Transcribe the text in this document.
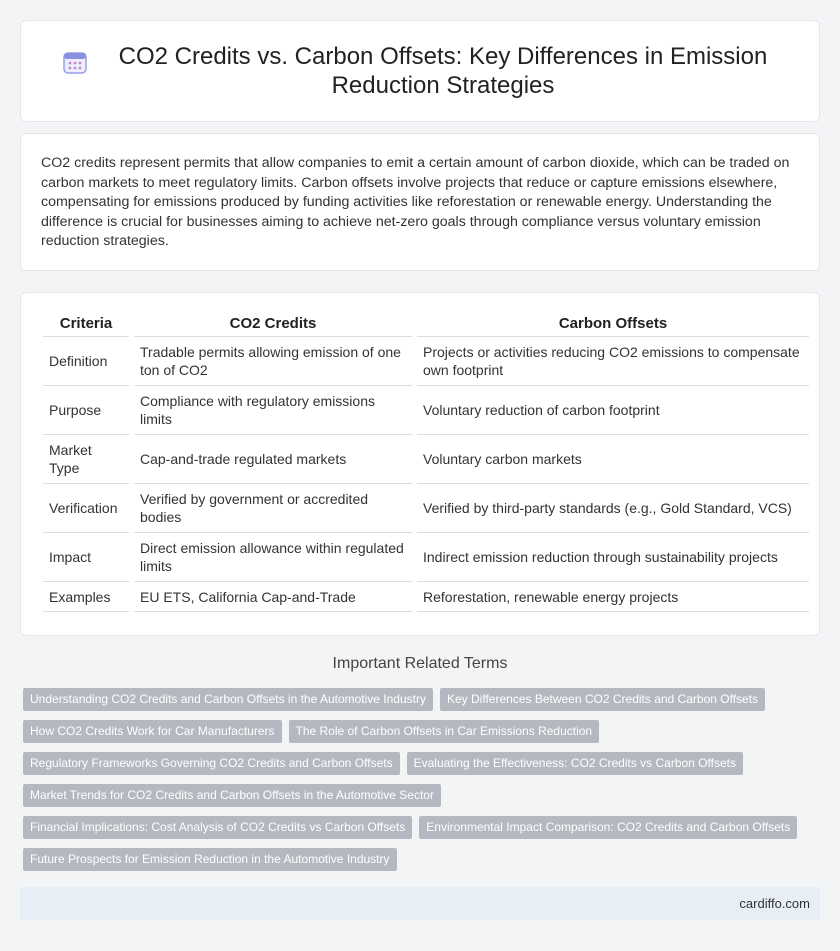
CO2 Credits vs. Carbon Offsets: Key Differences in Emission Reduction Strategies

CO2 credits represent permits that allow companies to emit a certain amount of carbon dioxide, which can be traded on carbon markets to meet regulatory limits. Carbon offsets involve projects that reduce or capture emissions elsewhere, compensating for emissions produced by funding activities like reforestation or renewable energy. Understanding the difference is crucial for businesses aiming to achieve net-zero goals through compliance versus voluntary emission reduction strategies.

Criteria	CO2 Credits	Carbon Offsets
Definition	Tradable permits allowing emission of one ton of CO2	Projects or activities reducing CO2 emissions to compensate own footprint
Purpose	Compliance with regulatory emissions limits	Voluntary reduction of carbon footprint
Market Type	Cap-and-trade regulated markets	Voluntary carbon markets
Verification	Verified by government or accredited bodies	Verified by third-party standards (e.g., Gold Standard, VCS)
Impact	Direct emission allowance within regulated limits	Indirect emission reduction through sustainability projects
Examples	EU ETS, California Cap-and-Trade	Reforestation, renewable energy projects
Important Related Terms
Understanding CO2 Credits and Carbon Offsets in the Automotive Industry	Key Differences Between CO2 Credits and Carbon Offsets
How CO2 Credits Work for Car Manufacturers	The Role of Carbon Offsets in Car Emissions Reduction
Regulatory Frameworks Governing CO2 Credits and Carbon Offsets	Evaluating the Effectiveness: CO2 Credits vs Carbon Offsets
Market Trends for CO2 Credits and Carbon Offsets in the Automotive Sector
Financial Implications: Cost Analysis of CO2 Credits vs Carbon Offsets	Environmental Impact Comparison: CO2 Credits and Carbon Offsets
Future Prospects for Emission Reduction in the Automotive Industry
cardiffo.com
